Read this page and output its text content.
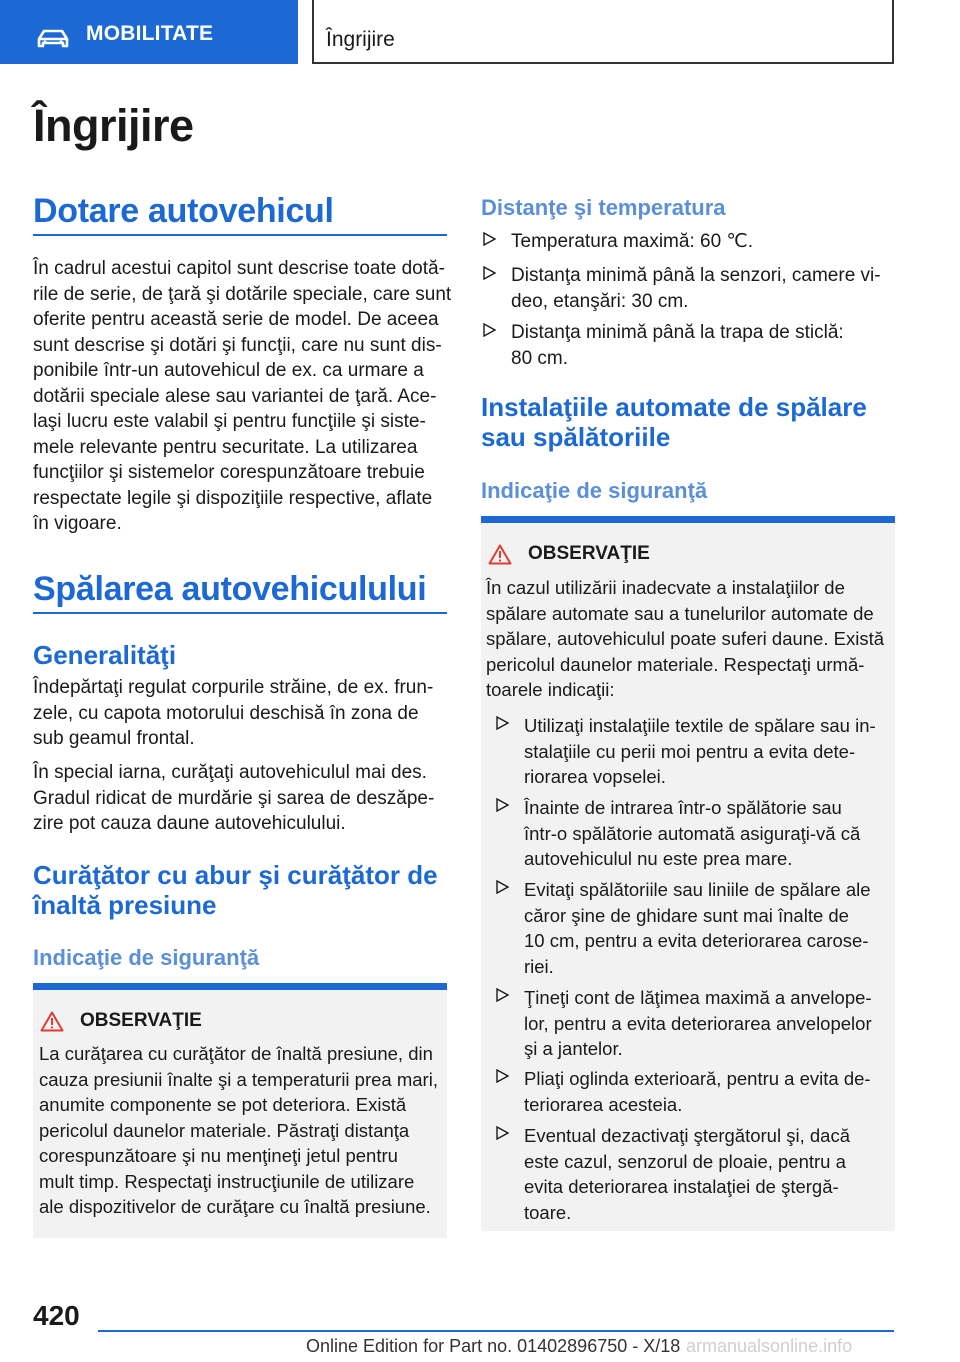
MOBILITATE	Îngrijire
Îngrijire
Dotare autovehicul
În cadrul acestui capitol sunt descrise toate dotă-
rile de serie, de ţară şi dotările speciale, care sunt
oferite pentru această serie de model. De aceea
sunt descrise şi dotări şi funcţii, care nu sunt dis-
ponibile într-un autovehicul de ex. ca urmare a
dotării speciale alese sau variantei de ţară. Ace-
laşi lucru este valabil şi pentru funcţiile şi siste-
mele relevante pentru securitate. La utilizarea
funcţiilor şi sistemelor corespunzătoare trebuie
respectate legile şi dispoziţiile respective, aflate
în vigoare.
Spălarea autovehiculului
Generalităţi
Îndepărtaţi regulat corpurile străine, de ex. frun-
zele, cu capota motorului deschisă în zona de
sub geamul frontal.
În special iarna, curăţaţi autovehiculul mai des.
Gradul ridicat de murdărie şi sarea de deszăpe-
zire pot cauza daune autovehiculului.
Curăţător cu abur şi curăţător de
înaltă presiune
Indicaţie de siguranţă
OBSERVAŢIE
La curăţarea cu curăţător de înaltă presiune, din
cauza presiunii înalte şi a temperaturii prea mari,
anumite componente se pot deteriora. Există
pericolul daunelor materiale. Păstraţi distanţa
corespunzătoare şi nu menţineţi jetul pentru
mult timp. Respectaţi instrucţiunile de utilizare
ale dispozitivelor de curăţare cu înaltă presiune.
Distanţe şi temperatura
Temperatura maximă: 60 ℃.
Distanţa minimă până la senzori, camere vi-
deo, etanşări: 30 cm.
Distanţa minimă până la trapa de sticlă:
80 cm.
Instalaţiile automate de spălare
sau spălătoriile
Indicaţie de siguranţă
OBSERVAŢIE
În cazul utilizării inadecvate a instalaţiilor de
spălare automate sau a tunelurilor automate de
spălare, autovehiculul poate suferi daune. Există
pericolul daunelor materiale. Respectaţi urmă-
toarele indicaţii:
Utilizaţi instalaţiile textile de spălare sau in-
stalaţiile cu perii moi pentru a evita dete-
riorarea vopselei.
Înainte de intrarea într-o spălătorie sau
într-o spălătorie automată asiguraţi-vă că
autovehiculul nu este prea mare.
Evitaţi spălătoriile sau liniile de spălare ale
căror şine de ghidare sunt mai înalte de
10 cm, pentru a evita deteriorarea carose-
riei.
Ţineţi cont de lăţimea maximă a anvelope-
lor, pentru a evita deteriorarea anvelopelor
şi a jantelor.
Pliaţi oglinda exterioară, pentru a evita de-
teriorarea acesteia.
Eventual dezactivaţi ştergătorul şi, dacă
este cazul, senzorul de ploaie, pentru a
evita deteriorarea instalaţiei de ştergă-
toare.
420
Online Edition for Part no. 01402896750 - X/18 armanualsonline.info
